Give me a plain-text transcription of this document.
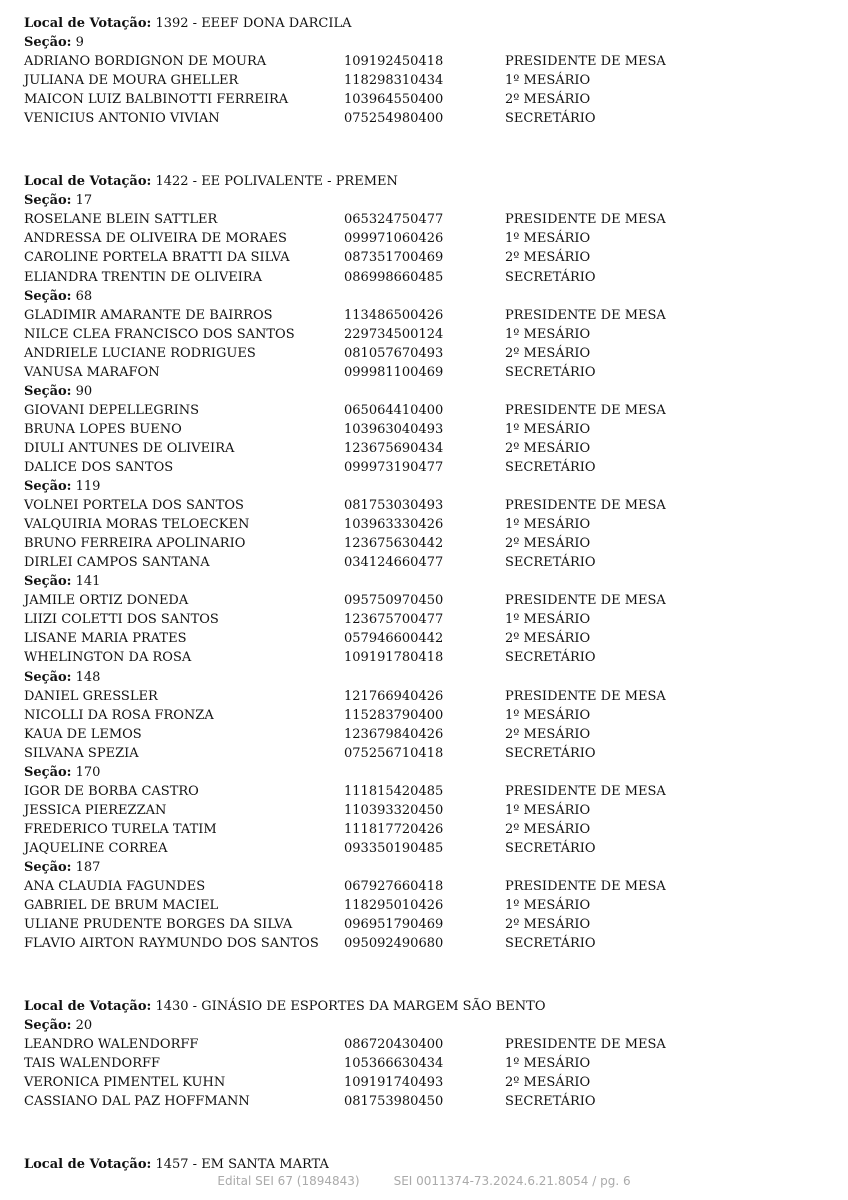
Local de Votação: 1392 - EEEF DONA DARCILA
Seção: 9
ADRIANO BORDIGNON DE MOURA	109192450418	PRESIDENTE DE MESA
JULIANA DE MOURA GHELLER	118298310434	1º MESÁRIO
MAICON LUIZ BALBINOTTI FERREIRA	103964550400	2º MESÁRIO
VENICIUS ANTONIO VIVIAN	075254980400	SECRETÁRIO
Local de Votação: 1422 - EE POLIVALENTE - PREMEN
Seção: 17
ROSELANE BLEIN SATTLER	065324750477	PRESIDENTE DE MESA
ANDRESSA DE OLIVEIRA DE MORAES	099971060426	1º MESÁRIO
CAROLINE PORTELA BRATTI DA SILVA	087351700469	2º MESÁRIO
ELIANDRA TRENTIN DE OLIVEIRA	086998660485	SECRETÁRIO
Seção: 68
GLADIMIR AMARANTE DE BAIRROS	113486500426	PRESIDENTE DE MESA
NILCE CLEA FRANCISCO DOS SANTOS	229734500124	1º MESÁRIO
ANDRIELE LUCIANE RODRIGUES	081057670493	2º MESÁRIO
VANUSA MARAFON	099981100469	SECRETÁRIO
Seção: 90
GIOVANI DEPELLEGRINS	065064410400	PRESIDENTE DE MESA
BRUNA LOPES BUENO	103963040493	1º MESÁRIO
DIULI ANTUNES DE OLIVEIRA	123675690434	2º MESÁRIO
DALICE DOS SANTOS	099973190477	SECRETÁRIO
Seção: 119
VOLNEI PORTELA DOS SANTOS	081753030493	PRESIDENTE DE MESA
VALQUIRIA MORAS TELOECKEN	103963330426	1º MESÁRIO
BRUNO FERREIRA APOLINARIO	123675630442	2º MESÁRIO
DIRLEI CAMPOS SANTANA	034124660477	SECRETÁRIO
Seção: 141
JAMILE ORTIZ DONEDA	095750970450	PRESIDENTE DE MESA
LIIZI COLETTI DOS SANTOS	123675700477	1º MESÁRIO
LISANE MARIA PRATES	057946600442	2º MESÁRIO
WHELINGTON DA ROSA	109191780418	SECRETÁRIO
Seção: 148
DANIEL GRESSLER	121766940426	PRESIDENTE DE MESA
NICOLLI DA ROSA FRONZA	115283790400	1º MESÁRIO
KAUA DE LEMOS	123679840426	2º MESÁRIO
SILVANA SPEZIA	075256710418	SECRETÁRIO
Seção: 170
IGOR DE BORBA CASTRO	111815420485	PRESIDENTE DE MESA
JESSICA PIEREZZAN	110393320450	1º MESÁRIO
FREDERICO TURELA TATIM	111817720426	2º MESÁRIO
JAQUELINE CORREA	093350190485	SECRETÁRIO
Seção: 187
ANA CLAUDIA FAGUNDES	067927660418	PRESIDENTE DE MESA
GABRIEL DE BRUM MACIEL	118295010426	1º MESÁRIO
ULIANE PRUDENTE BORGES DA SILVA	096951790469	2º MESÁRIO
FLAVIO AIRTON RAYMUNDO DOS SANTOS 095092490680	SECRETÁRIO
Local de Votação: 1430 - GINÁSIO DE ESPORTES DA MARGEM SÃO BENTO
Seção: 20
LEANDRO WALENDORFF	086720430400	PRESIDENTE DE MESA
TAIS WALENDORFF	105366630434	1º MESÁRIO
VERONICA PIMENTEL KUHN	109191740493	2º MESÁRIO
CASSIANO DAL PAZ HOFFMANN	081753980450	SECRETÁRIO
Local de Votação: 1457 - EM SANTA MARTA
Edital SEI 67 (1894843)	SEI 0011374-73.2024.6.21.8054 / pg. 6
